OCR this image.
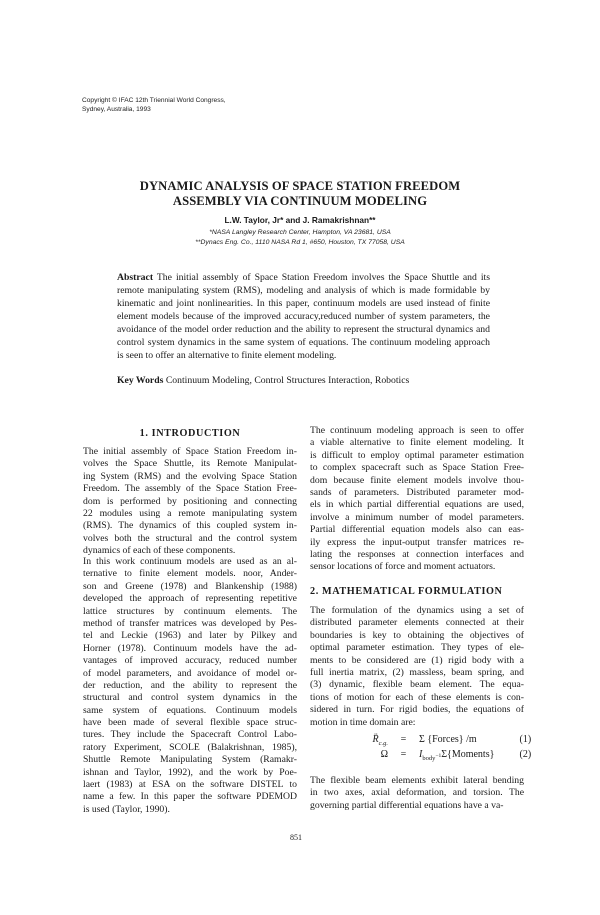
Copyright © IFAC 12th Triennial World Congress,
Sydney, Australia, 1993
DYNAMIC ANALYSIS OF SPACE STATION FREEDOM
ASSEMBLY VIA CONTINUUM MODELING
L.W. Taylor, Jr* and J. Ramakrishnan**
*NASA Langley Research Center, Hampton, VA 23681, USA
**Dynacs Eng. Co., 1110 NASA Rd 1, #650, Houston, TX 77058, USA
Abstract The initial assembly of Space Station Freedom involves the Space Shuttle and its
remote manipulating system (RMS), modeling and analysis of which is made formidable by
kinematic and joint nonlinearities. In this paper, continuum models are used instead of finite
element models because of the improved accuracy,reduced number of system parameters, the
avoidance of the model order reduction and the ability to represent the structural dynamics and
control system dynamics in the same system of equations. The continuum modeling approach
is seen to offer an alternative to finite element modeling.
Key Words Continuum Modeling, Control Structures Interaction, Robotics
1. INTRODUCTION
The initial assembly of Space Station Freedom in-
volves the Space Shuttle, its Remote Manipulat-
ing System (RMS) and the evolving Space Station
Freedom. The assembly of the Space Station Free-
dom is performed by positioning and connecting
22 modules using a remote manipulating system
(RMS). The dynamics of this coupled system in-
volves both the structural and the control system
dynamics of each of these components.
In this work continuum models are used as an al-
ternative to finite element models. noor, Ander-
son and Greene (1978) and Blankenship (1988)
developed the approach of representing repetitive
lattice structures by continuum elements. The
method of transfer matrices was developed by Pes-
tel and Leckie (1963) and later by Pilkey and
Horner (1978). Continuum models have the ad-
vantages of improved accuracy, reduced number
of model parameters, and avoidance of model or-
der reduction, and the ability to represent the
structural and control system dynamics in the
same system of equations. Continuum models
have been made of several flexible space struc-
tures. They include the Spacecraft Control Labo-
ratory Experiment, SCOLE (Balakrishnan, 1985),
Shuttle Remote Manipulating System (Ramakr-
ishnan and Taylor, 1992), and the work by Poe-
laert (1983) at ESA on the software DISTEL to
name a few. In this paper the software PDEMOD
is used (Taylor, 1990).
The continuum modeling approach is seen to offer
a viable alternative to finite element modeling. It
is difficult to employ optimal parameter estimation
to complex spacecraft such as Space Station Free-
dom because finite element models involve thou-
sands of parameters. Distributed parameter mod-
els in which partial differential equations are used,
involve a minimum number of model parameters.
Partial differential equation models also can eas-
ily express the input-output transfer matrices re-
lating the responses at connection interfaces and
sensor locations of force and moment actuators.
2. MATHEMATICAL FORMULATION
The formulation of the dynamics using a set of
distributed parameter elements connected at their
boundaries is key to obtaining the objectives of
optimal parameter estimation. They types of ele-
ments to be considered are (1) rigid body with a
full inertia matrix, (2) massless, beam spring, and
(3) dynamic, flexible beam element. The equa-
tions of motion for each of these elements is con-
sidered in turn. For rigid bodies, the equations of
motion in time domain are:
$R̈_{c.g.} = \Sigma$ {Forces} /m	(1)
$\Omega = I_{body^{-1}}\Sigma\{Moments\}$	(2)
The flexible beam elements exhibit lateral bending
in two axes, axial deformation, and torsion. The
governing partial differential equations have a va-
851
